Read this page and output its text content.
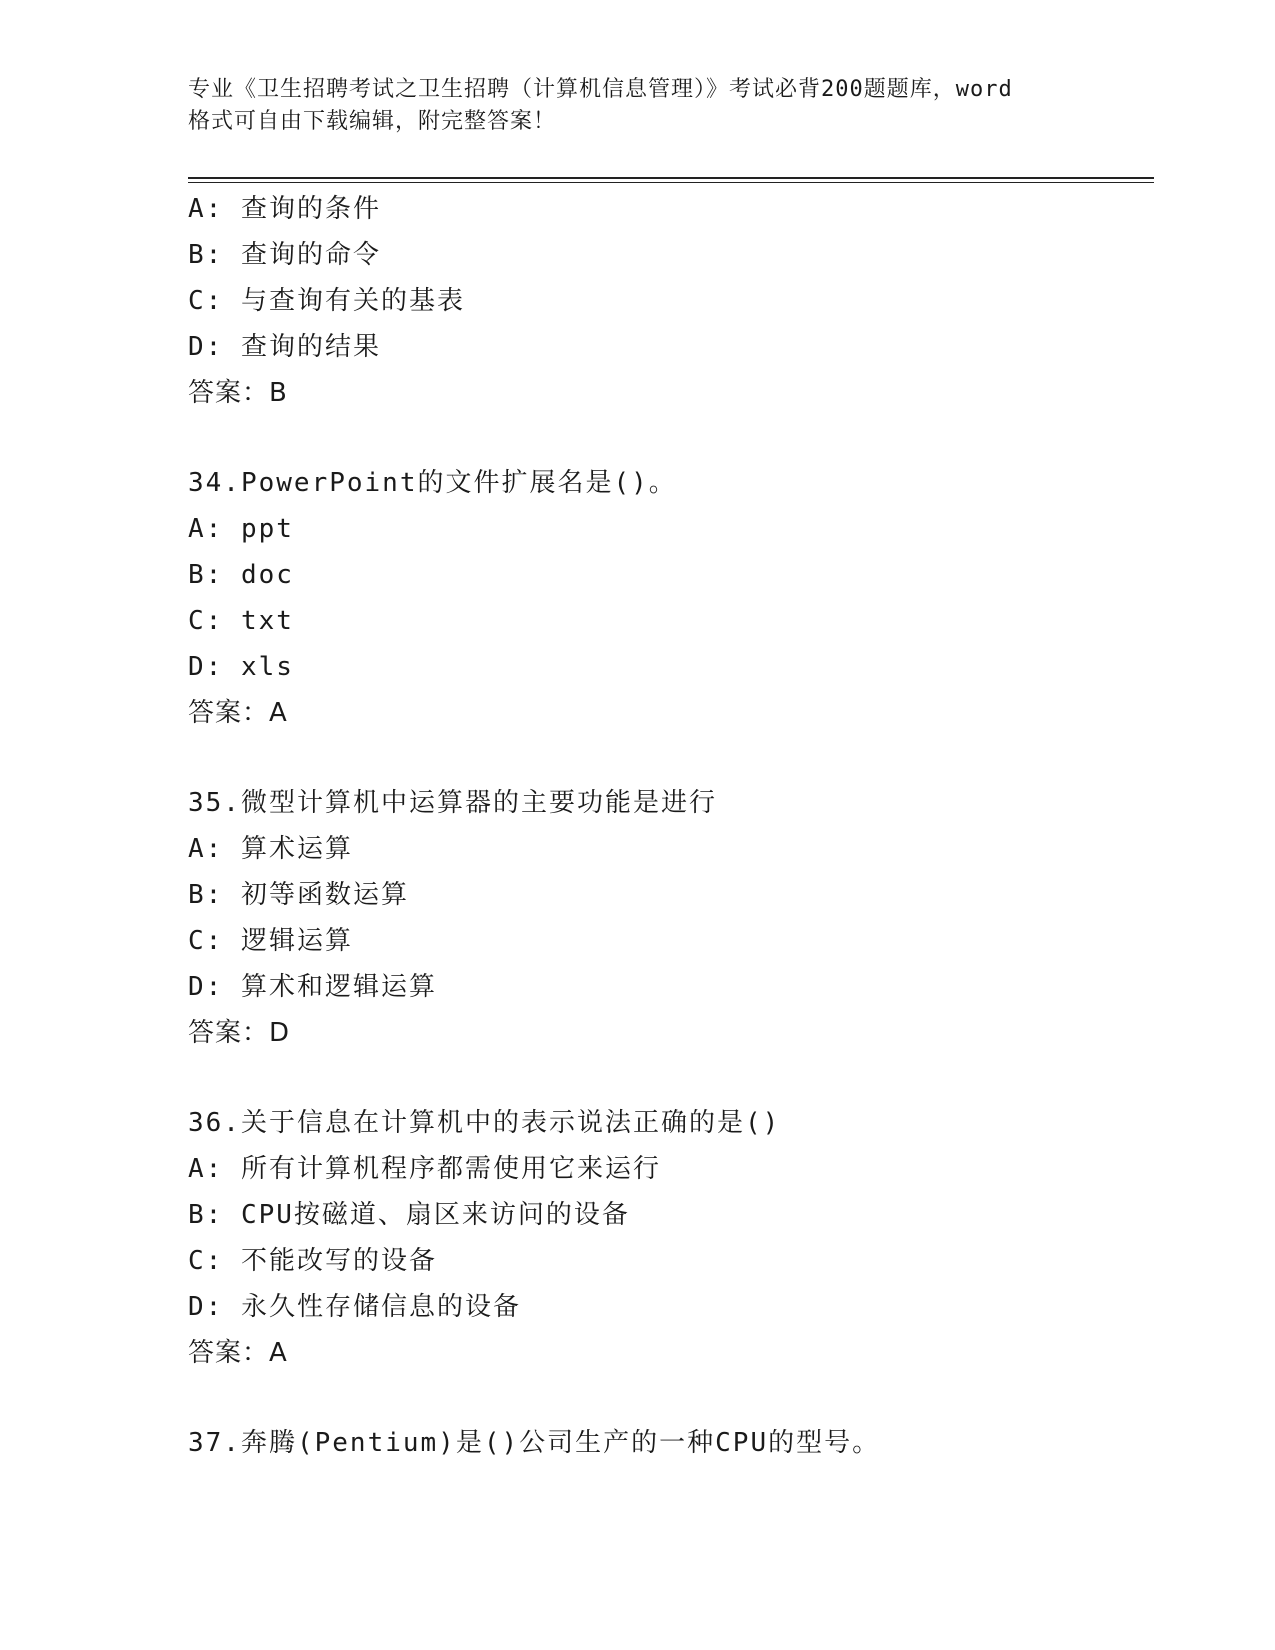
专业《卫生招聘考试之卫生招聘（计算机信息管理）》考试必背200题题库，word
格式可自由下载编辑，附完整答案！
A: 查询的条件
B: 查询的命令
C: 与查询有关的基表
D: 查询的结果
答案：B
34.PowerPoint的文件扩展名是()。
A: ppt
B: doc
C: txt
D: xls
答案：A
35.微型计算机中运算器的主要功能是进行
A: 算术运算
B: 初等函数运算
C: 逻辑运算
D: 算术和逻辑运算
答案：D
36.关于信息在计算机中的表示说法正确的是()
A: 所有计算机程序都需使用它来运行
B: CPU按磁道、扇区来访问的设备
C: 不能改写的设备
D: 永久性存储信息的设备
答案：A
37.奔腾(Pentium)是()公司生产的一种CPU的型号。
